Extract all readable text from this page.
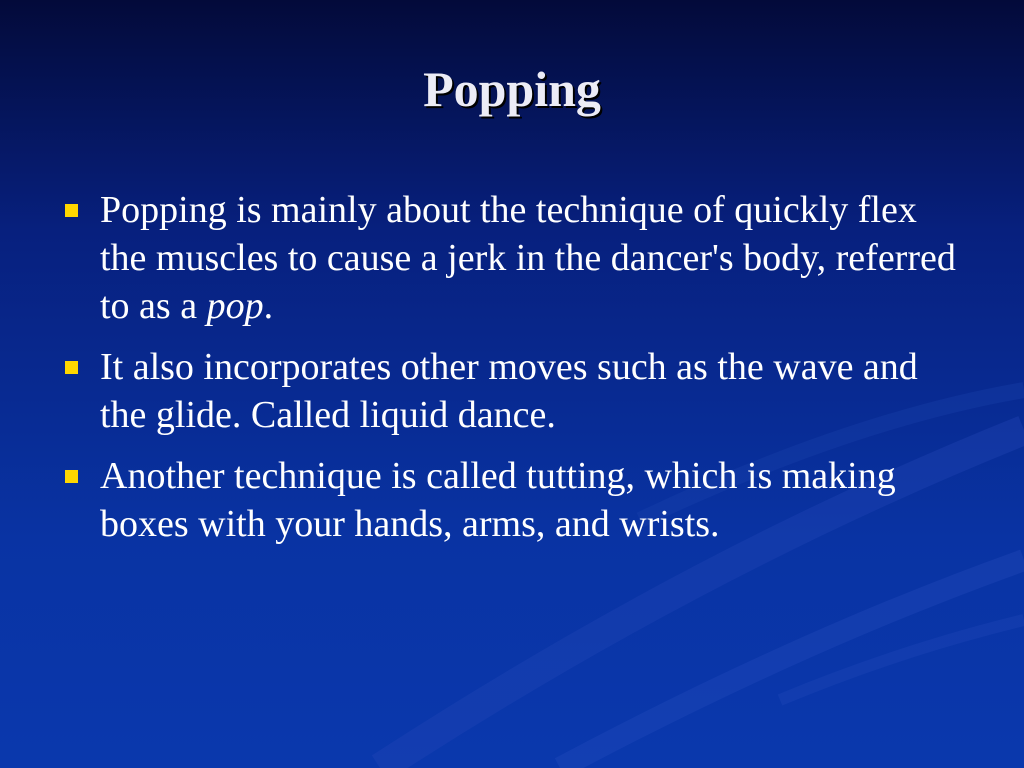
Popping
Popping is mainly about the technique of quickly flex the muscles to cause a jerk in the dancer's body, referred to as a pop.
It also incorporates other moves such as the wave and the glide. Called liquid dance.
Another technique is called tutting, which is making boxes with your hands, arms, and wrists.
